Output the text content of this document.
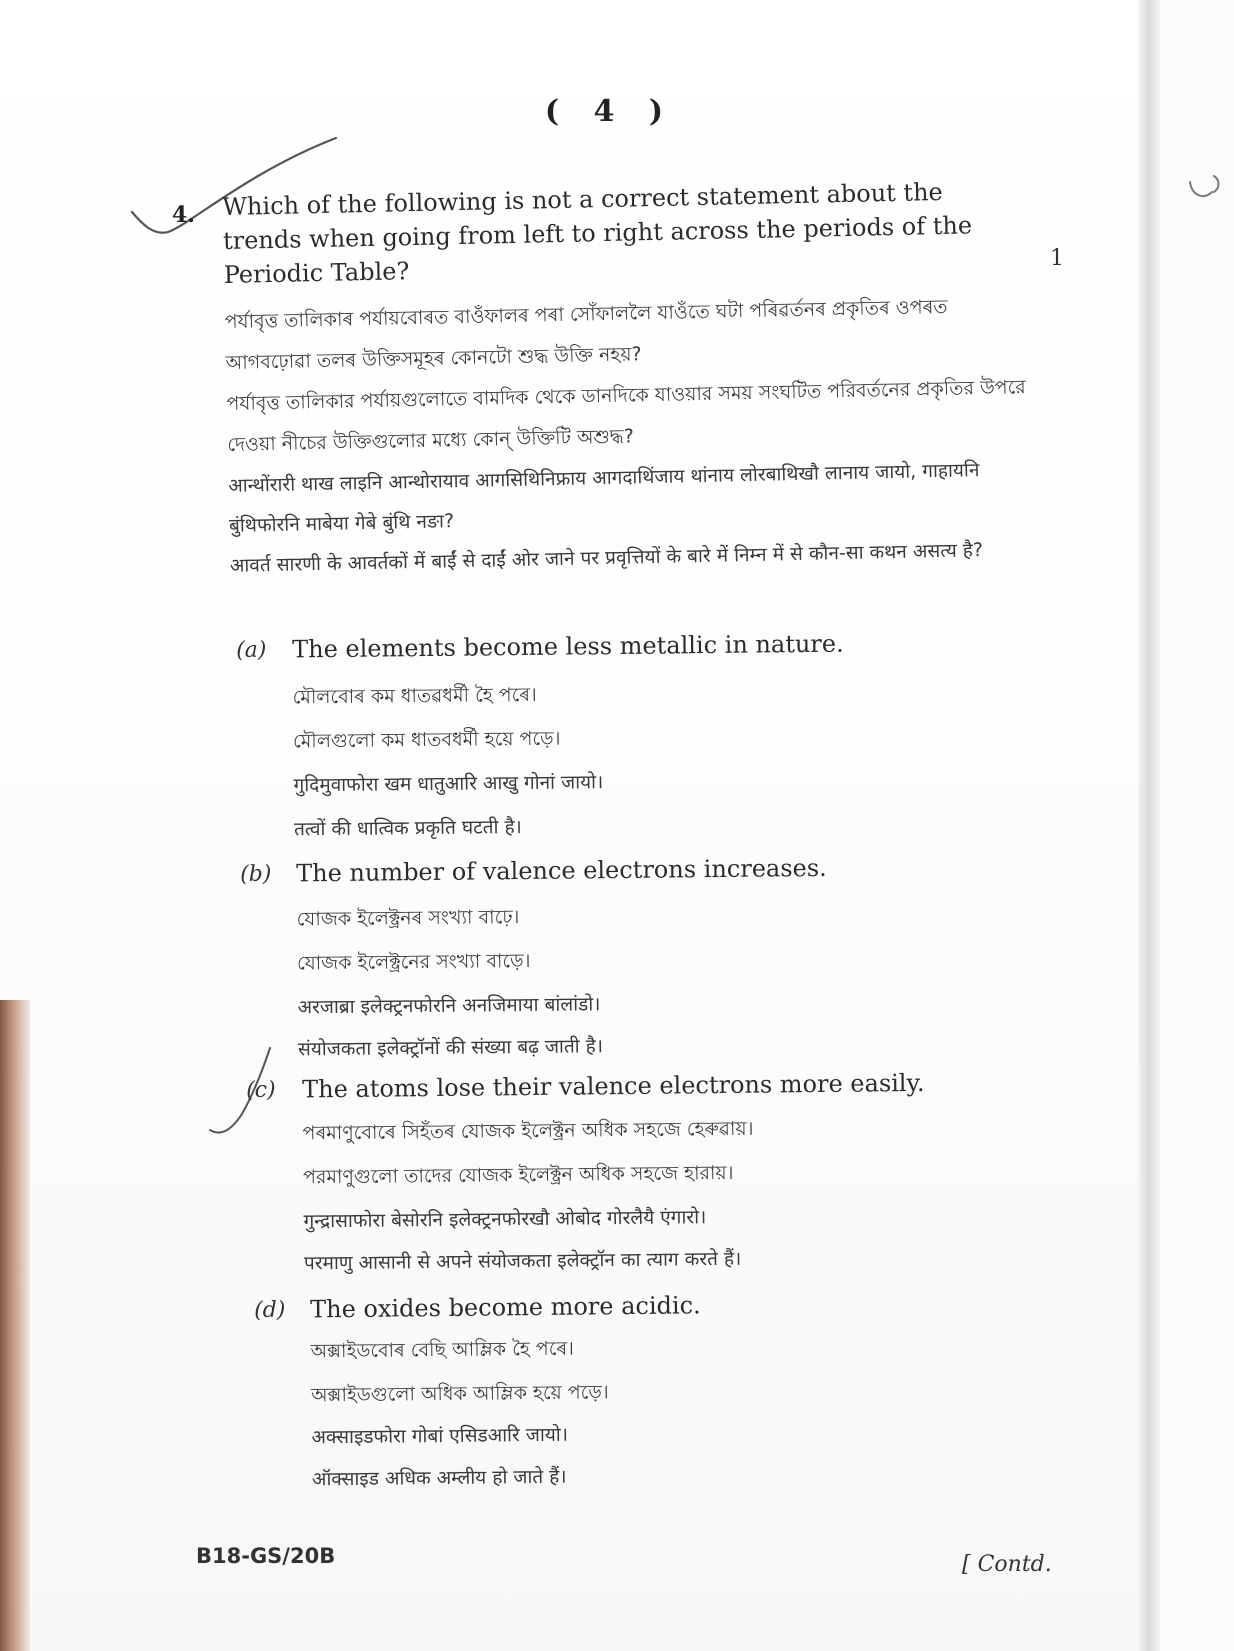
( 4 )
4.
1

Which of the following is not a correct statement about the trends when going from left to right across the periods of the Periodic Table?

পৰ্যাবৃত্ত তালিকাৰ পৰ্যায়বোৰত বাওঁফালৰ পৰা সোঁফাললৈ যাওঁতে ঘটা পৰিৱৰ্তনৰ প্ৰকৃতিৰ ওপৰত আগবঢ়োৱা তলৰ উক্তিসমূহৰ কোনটো শুদ্ধ উক্তি নহয়?

পর্যাবৃত্ত তালিকার পর্যায়গুলোতে বামদিক থেকে ডানদিকে যাওয়ার সময় সংঘটিত পরিবর্তনের প্রকৃতির উপরে দেওয়া নীচের উক্তিগুলোর মধ্যে কোন্ উক্তিটি অশুদ্ধ?

आन्थोंरारी थाख लाइनि आन्थोरायाव आगसिथिनिफ्राय आगदाथिंजाय थांनाय लोरबाथिखौ लानाय जायो, गाहायनि बुंथिफोरनि माबेया गेबे बुंथि नङा?

आवर्त सारणी के आवर्तकों में बाईं से दाईं ओर जाने पर प्रवृत्तियों के बारे में निम्न में से कौन-सा कथन असत्य है?

(a) The elements become less metallic in nature.
মৌলবোৰ কম ধাতৱধৰ্মী হৈ পৰে।
মৌলগুলো কম ধাতবধর্মী হয়ে পড়ে।
गुदिमुवाफोरा खम धातुआरि आखु गोनां जायो।
तत्वों की धात्विक प्रकृति घटती है।
(b) The number of valence electrons increases.
যোজক ইলেক্ট্ৰনৰ সংখ্যা বাঢ়ে।
যোজক ইলেক্ট্রনের সংখ্যা বাড়ে।
अरजाब्रा इलेक्ट्रनफोरनि अनजिमाया बांलांडो।
संयोजकता इलेक्ट्रॉनों की संख्या बढ़ जाती है।
(c) The atoms lose their valence electrons more easily.
পৰমাণুবোৰে সিহঁতৰ যোজক ইলেক্ট্ৰন অধিক সহজে হেৰুৱায়।
পরমাণুগুলো তাদের যোজক ইলেক্ট্রন অধিক সহজে হারায়।
गुन्द्रासाफोरा बेसोरनि इलेक्ट्रनफोरखौ ओबोद गोरलैयै एंगारो।
परमाणु आसानी से अपने संयोजकता इलेक्ट्रॉन का त्याग करते हैं।
(d) The oxides become more acidic.
অক্সাইডবোৰ বেছি আম্লিক হৈ পৰে।
অক্সাইডগুলো অধিক আম্লিক হয়ে পড়ে।
अक्साइडफोरा गोबां एसिडआरि जायो।
ऑक्साइड अधिक अम्लीय हो जाते हैं।
B18-GS/20B	[ Contd.
